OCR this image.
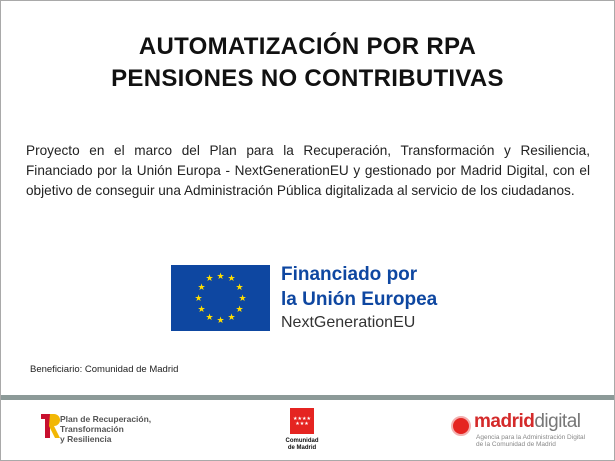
AUTOMATIZACIÓN POR RPA
PENSIONES NO CONTRIBUTIVAS
Proyecto en el marco del Plan para la Recuperación, Transformación y Resiliencia, Financiado por la Unión Europa - NextGenerationEU y gestionado por Madrid Digital, con el objetivo de conseguir una Administración Pública digitalizada al servicio de los ciudadanos.
★ ★
★
★
★
★
★
★
★
★
★
★	Financiado por
la Unión Europea
NextGenerationEU
Beneficiario: Comunidad de Madrid
Plan de Recuperación,
Transformación
y Resiliencia
★★★★
★★★
Comunidad
de Madrid
madriddigital
Agencia para la Administración Digital
de la Comunidad de Madrid
